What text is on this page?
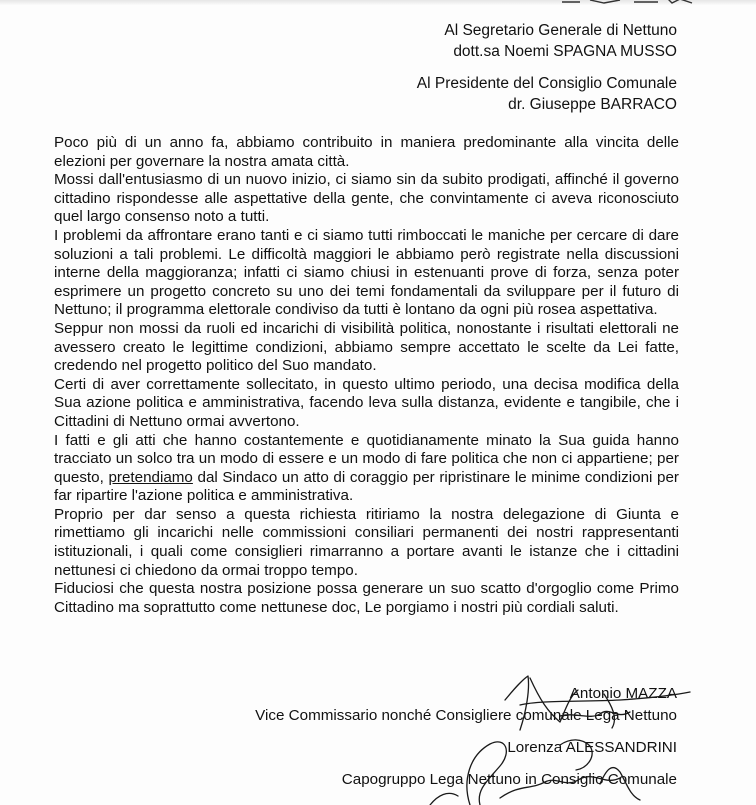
Al Segretario Generale di Nettuno
dott.sa Noemi SPAGNA MUSSO
Al Presidente del Consiglio Comunale
dr. Giuseppe BARRACO

Poco più di un anno fa, abbiamo contribuito in maniera predominante alla vincita delle elezioni per governare la nostra amata città.

Mossi dall'entusiasmo di un nuovo inizio, ci siamo sin da subito prodigati, affinché il governo cittadino rispondesse alle aspettative della gente, che convintamente ci aveva riconosciuto quel largo consenso noto a tutti.

I problemi da affrontare erano tanti e ci siamo tutti rimboccati le maniche per cercare di dare soluzioni a tali problemi. Le difficoltà maggiori le abbiamo però registrate nella discussioni interne della maggioranza; infatti ci siamo chiusi in estenuanti prove di forza, senza poter esprimere un progetto concreto su uno dei temi fondamentali da sviluppare per il futuro di Nettuno; il programma elettorale condiviso da tutti è lontano da ogni più rosea aspettativa.

Seppur non mossi da ruoli ed incarichi di visibilità politica, nonostante i risultati elettorali ne avessero creato le legittime condizioni, abbiamo sempre accettato le scelte da Lei fatte, credendo nel progetto politico del Suo mandato.

Certi di aver correttamente sollecitato, in questo ultimo periodo, una decisa modifica della Sua azione politica e amministrativa, facendo leva sulla distanza, evidente e tangibile, che i Cittadini di Nettuno ormai avvertono.

I fatti e gli atti che hanno costantemente e quotidianamente minato la Sua guida hanno tracciato un solco tra un modo di essere e un modo di fare politica che non ci appartiene; per questo, pretendiamo dal Sindaco un atto di coraggio per ripristinare le minime condizioni per far ripartire l'azione politica e amministrativa.

Proprio per dar senso a questa richiesta ritiriamo la nostra delegazione di Giunta e rimettiamo gli incarichi nelle commissioni consiliari permanenti dei nostri rappresentanti istituzionali, i quali come consiglieri rimarranno a portare avanti le istanze che i cittadini nettunesi ci chiedono da ormai troppo tempo.

Fiduciosi che questa nostra posizione possa generare un suo scatto d'orgoglio come Primo Cittadino ma soprattutto come nettunese doc, Le porgiamo i nostri più cordiali saluti.

Antonio MAZZA
Vice Commissario nonché Consigliere comunale Lega Nettuno
Lorenza ALESSANDRINI
Capogruppo Lega Nettuno in Consiglio Comunale
